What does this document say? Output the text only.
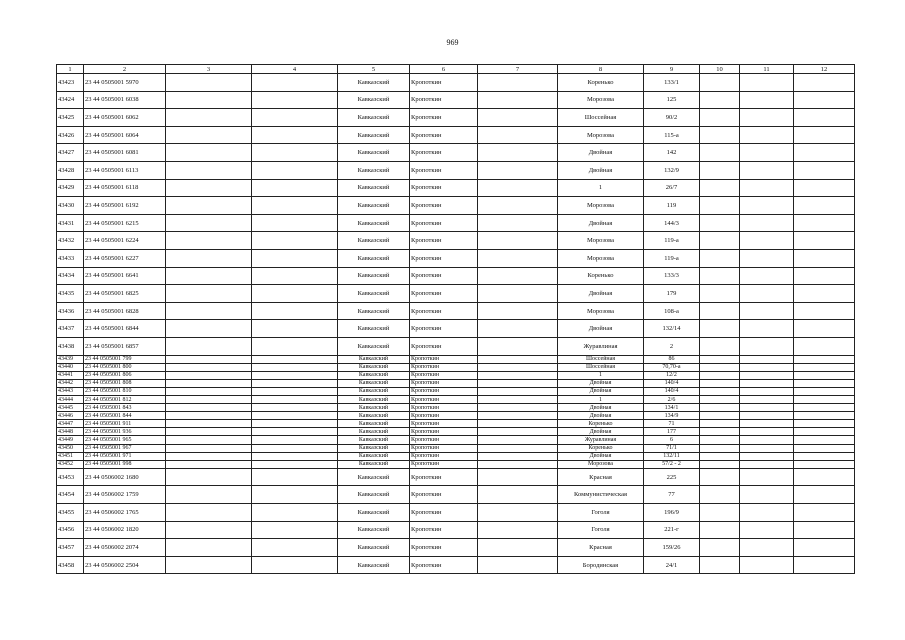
969
1	2	3	4	5	6	7	8	9	10	11	12
43423	23 44 0505001 5970			Кавказский	Кропоткин		Коренько	133/1			
43424	23 44 0505001 6038			Кавказский	Кропоткин		Морозова	125			
43425	23 44 0505001 6062			Кавказский	Кропоткин		Шоссейная	90/2			
43426	23 44 0505001 6064			Кавказский	Кропоткин		Морозова	115-а			
43427	23 44 0505001 6081			Кавказский	Кропоткин		Двойная	142			
43428	23 44 0505001 6113			Кавказский	Кропоткин		Двойная	132/9			
43429	23 44 0505001 6118			Кавказский	Кропоткин		1	26/7			
43430	23 44 0505001 6192			Кавказский	Кропоткин		Морозова	119			
43431	23 44 0505001 6215			Кавказский	Кропоткин		Двойная	144/3			
43432	23 44 0505001 6224			Кавказский	Кропоткин		Морозова	119-а			
43433	23 44 0505001 6227			Кавказский	Кропоткин		Морозова	119-а			
43434	23 44 0505001 6641			Кавказский	Кропоткин		Коренько	133/3			
43435	23 44 0505001 6825			Кавказский	Кропоткин		Двойная	179			
43436	23 44 0505001 6828			Кавказский	Кропоткин		Морозова	108-а			
43437	23 44 0505001 6844			Кавказский	Кропоткин		Двойная	132/14			
43438	23 44 0505001 6857			Кавказский	Кропоткин		Журавлиная	2			
43439	23 44 0505001 799			Кавказский	Кропоткин		Шоссейная	86			
43440	23 44 0505001 800			Кавказский	Кропоткин		Шоссейная	70,70-а			
43441	23 44 0505001 806			Кавказский	Кропоткин		1	12/2			
43442	23 44 0505001 808			Кавказский	Кропоткин		Двойная	140/4			
43443	23 44 0505001 810			Кавказский	Кропоткин		Двойная	140/4			
43444	23 44 0505001 812			Кавказский	Кропоткин		1	2/6			
43445	23 44 0505001 843			Кавказский	Кропоткин		Двойная	134/1			
43446	23 44 0505001 844			Кавказский	Кропоткин		Двойная	134/9			
43447	23 44 0505001 911			Кавказский	Кропоткин		Коренько	71			
43448	23 44 0505001 936			Кавказский	Кропоткин		Двойная	177			
43449	23 44 0505001 965			Кавказский	Кропоткин		Журавлиная	6			
43450	23 44 0505001 967			Кавказский	Кропоткин		Коренько	71/1			
43451	23 44 0505001 971			Кавказский	Кропоткин		Двойная	132/11			
43452	23 44 0505001 998			Кавказский	Кропоткин		Морозова	57/2 - 2			
43453	23 44 0506002 1680			Кавказский	Кропоткин		Красная	225			
43454	23 44 0506002 1759			Кавказский	Кропоткин		Коммунистическая	77			
43455	23 44 0506002 1765			Кавказский	Кропоткин		Гоголя	196/9			
43456	23 44 0506002 1820			Кавказский	Кропоткин		Гоголя	221-г			
43457	23 44 0506002 2074			Кавказский	Кропоткин		Красная	159/26			
43458	23 44 0506002 2504			Кавказский	Кропоткин		Бородинская	24/1			
